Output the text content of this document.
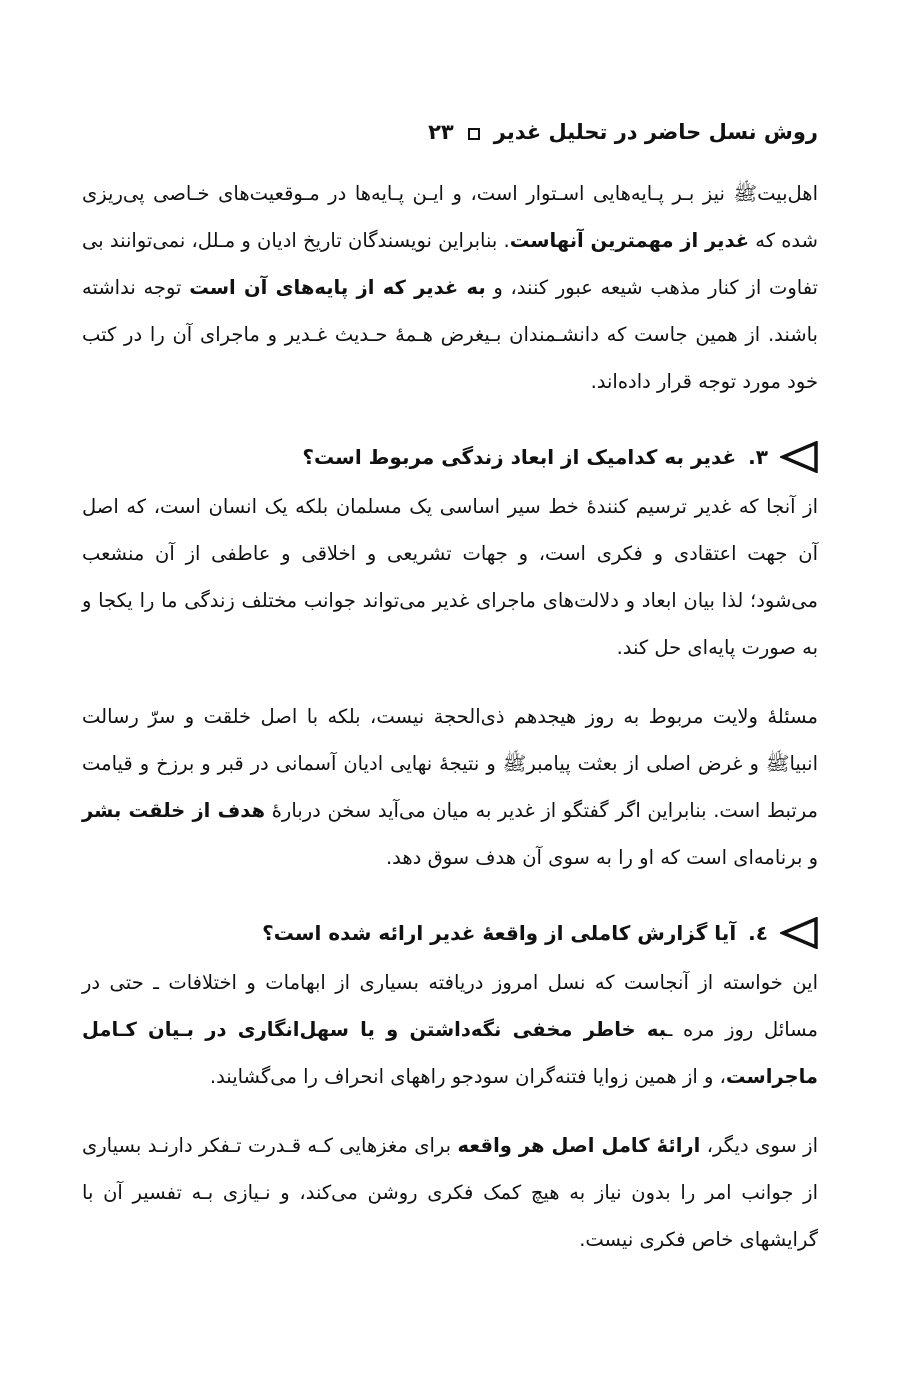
روش نسل حاضر در تحلیل غدیر
۲۳

اهل‌بیتﷺ نیز بـر پـایه‌هایی اسـتوار است، و ایـن پـایه‌ها در مـوقعیت‌های خـاصی پی‌ریزی شده که غدیر از مهمترین آنهاست. بنابراین نویسندگان تاریخ ادیان و مـلل، نمی‌توانند بی تفاوت از کنار مذهب شیعه عبور کنند، و به غدیر که از پایه‌های آن است توجه نداشته باشند. از همین جاست که دانشـمندان بـیغرض هـمهٔ حـدیث غـدیر و ماجرای آن را در کتب خود مورد توجه قرار داده‌اند.

۳.
غدیر به کدامیک از ابعاد زندگی مربوط است؟

از آنجا که غدیر ترسیم کنندهٔ خط سیر اساسی یک مسلمان بلکه یک انسان است، که اصل آن جهت اعتقادی و فکری است، و جهات تشریعی و اخلاقی و عاطفی از آن منشعب می‌شود؛ لذا بیان ابعاد و دلالت‌های ماجرای غدیر می‌تواند جوانب مختلف زندگی ما را یکجا و به صورت پایه‌ای حل کند.

مسئلهٔ ولایت مربوط به روز هیجدهم ذی‌الحجة نیست، بلکه با اصل خلقت و سرّ رسالت انبیاﷺ و غرض اصلی از بعثت پیامبرﷺ و نتیجهٔ نهایی ادیان آسمانی در قبر و برزخ و قیامت مرتبط است. بنابراین اگر گفتگو از غدیر به میان می‌آید سخن دربارهٔ هدف از خلقت بشر و برنامه‌ای است که او را به سوی آن هدف سوق دهد.

٤.
آیا گزارش کاملی از واقعهٔ غدیر ارائه شده است؟

این خواسته از آنجاست که نسل امروز دریافته بسیاری از ابهامات و اختلافات ـ حتی در مسائل روز مره ـبه خاطر مخفی نگه‌داشتن و یا سهل‌انگاری در بـیان کـامل ماجراست، و از همین زوایا فتنه‌گران سودجو راههای انحراف را می‌گشایند.

از سوی دیگر، ارائهٔ کامل اصل هر واقعه برای مغزهایی کـه قـدرت تـفکر دارنـد بسیاری از جوانب امر را بدون نیاز به هیچ کمک فکری روشن می‌کند، و نـیازی بـه تفسیر آن با گرایشهای خاص فکری نیست.
